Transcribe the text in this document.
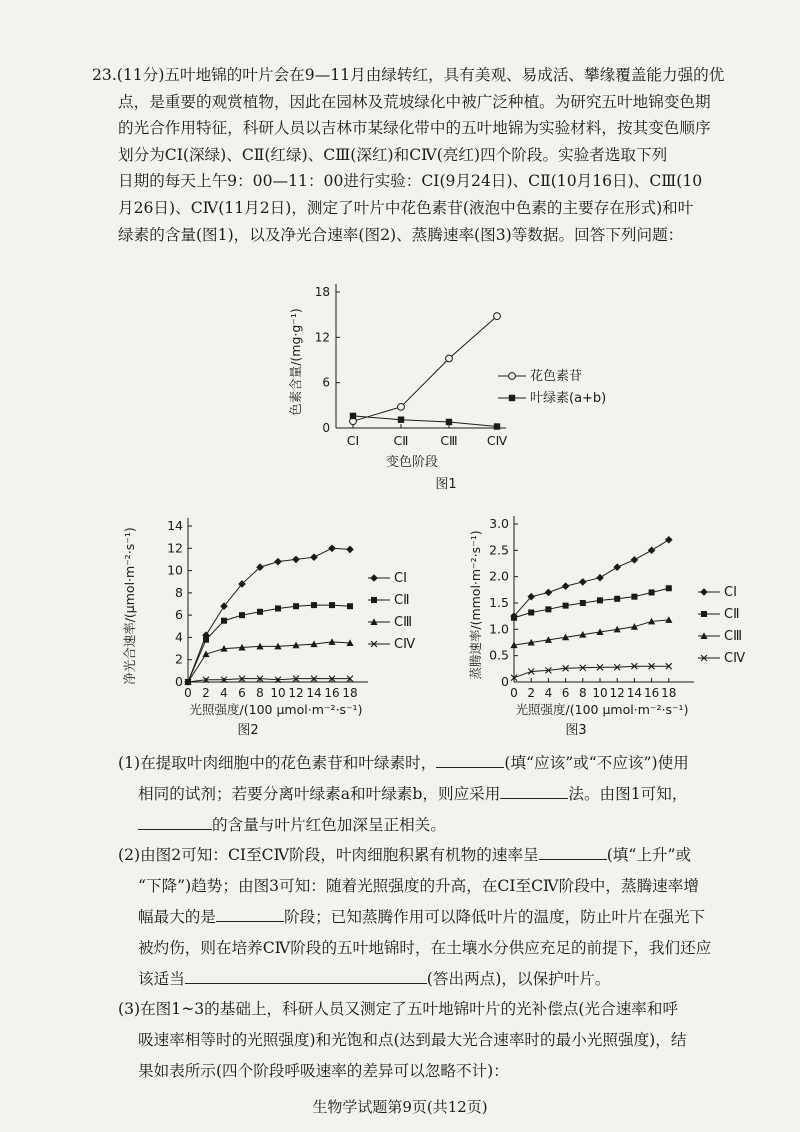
23.(11分)五叶地锦的叶片会在9—11月由绿转红，具有美观、易成活、攀缘覆盖能力强的优
点，是重要的观赏植物，因此在园林及荒坡绿化中被广泛种植。为研究五叶地锦变色期
的光合作用特征，科研人员以吉林市某绿化带中的五叶地锦为实验材料，按其变色顺序
划分为CⅠ(深绿)、CⅡ(红绿)、CⅢ(深红)和CⅣ(亮红)四个阶段。实验者选取下列
日期的每天上午9：00—11：00进行实验：CⅠ(9月24日)、CⅡ(10月16日)、CⅢ(10
月26日)、CⅣ(11月2日)，测定了叶片中花色素苷(液泡中色素的主要存在形式)和叶
绿素的含量(图1)，以及净光合速率(图2)、蒸腾速率(图3)等数据。回答下列问题：
0
6
12
18
CⅠ	CⅡ	CⅢ CⅣ
变色阶段
色素含量/(mg·g⁻¹)	花色素苷
叶绿素(a+b)
图1
0
2
4
6
8
10
12
14
0 2 4 6 8 10 12 14 16 18
光照强度/(100 μmol·m⁻²·s⁻¹)
净光合速率/(μmol·m⁻²·s⁻¹)	CⅠ
CⅡ
CⅢ
CⅣ
图2
0
0.5
1.0
1.5
2.0
2.5
3.0
0 2 4 6 8 10 12 14 16 18
光照强度/(100 μmol·m⁻²·s⁻¹)
蒸腾速率/(mmol·m⁻²·s⁻¹)	CⅠ
CⅡ
CⅢ
CⅣ
图3
(1)在提取叶肉细胞中的花色素苷和叶绿素时，	(填“应该”或“不应该”)使用
相同的试剂；若要分离叶绿素a和叶绿素b，则应采用	法。由图1可知，
的含量与叶片红色加深呈正相关。
(2)由图2可知：CⅠ至CⅣ阶段，叶肉细胞积累有机物的速率呈	(填“上升”或
“下降”)趋势；由图3可知：随着光照强度的升高，在CⅠ至CⅣ阶段中，蒸腾速率增
幅最大的是	阶段；已知蒸腾作用可以降低叶片的温度，防止叶片在强光下
被灼伤，则在培养CⅣ阶段的五叶地锦时，在土壤水分供应充足的前提下，我们还应
该适当	(答出两点)，以保护叶片。
(3)在图1~3的基础上，科研人员又测定了五叶地锦叶片的光补偿点(光合速率和呼
吸速率相等时的光照强度)和光饱和点(达到最大光合速率时的最小光照强度)，结
果如表所示(四个阶段呼吸速率的差异可以忽略不计)：
生物学试题第9页(共12页)
